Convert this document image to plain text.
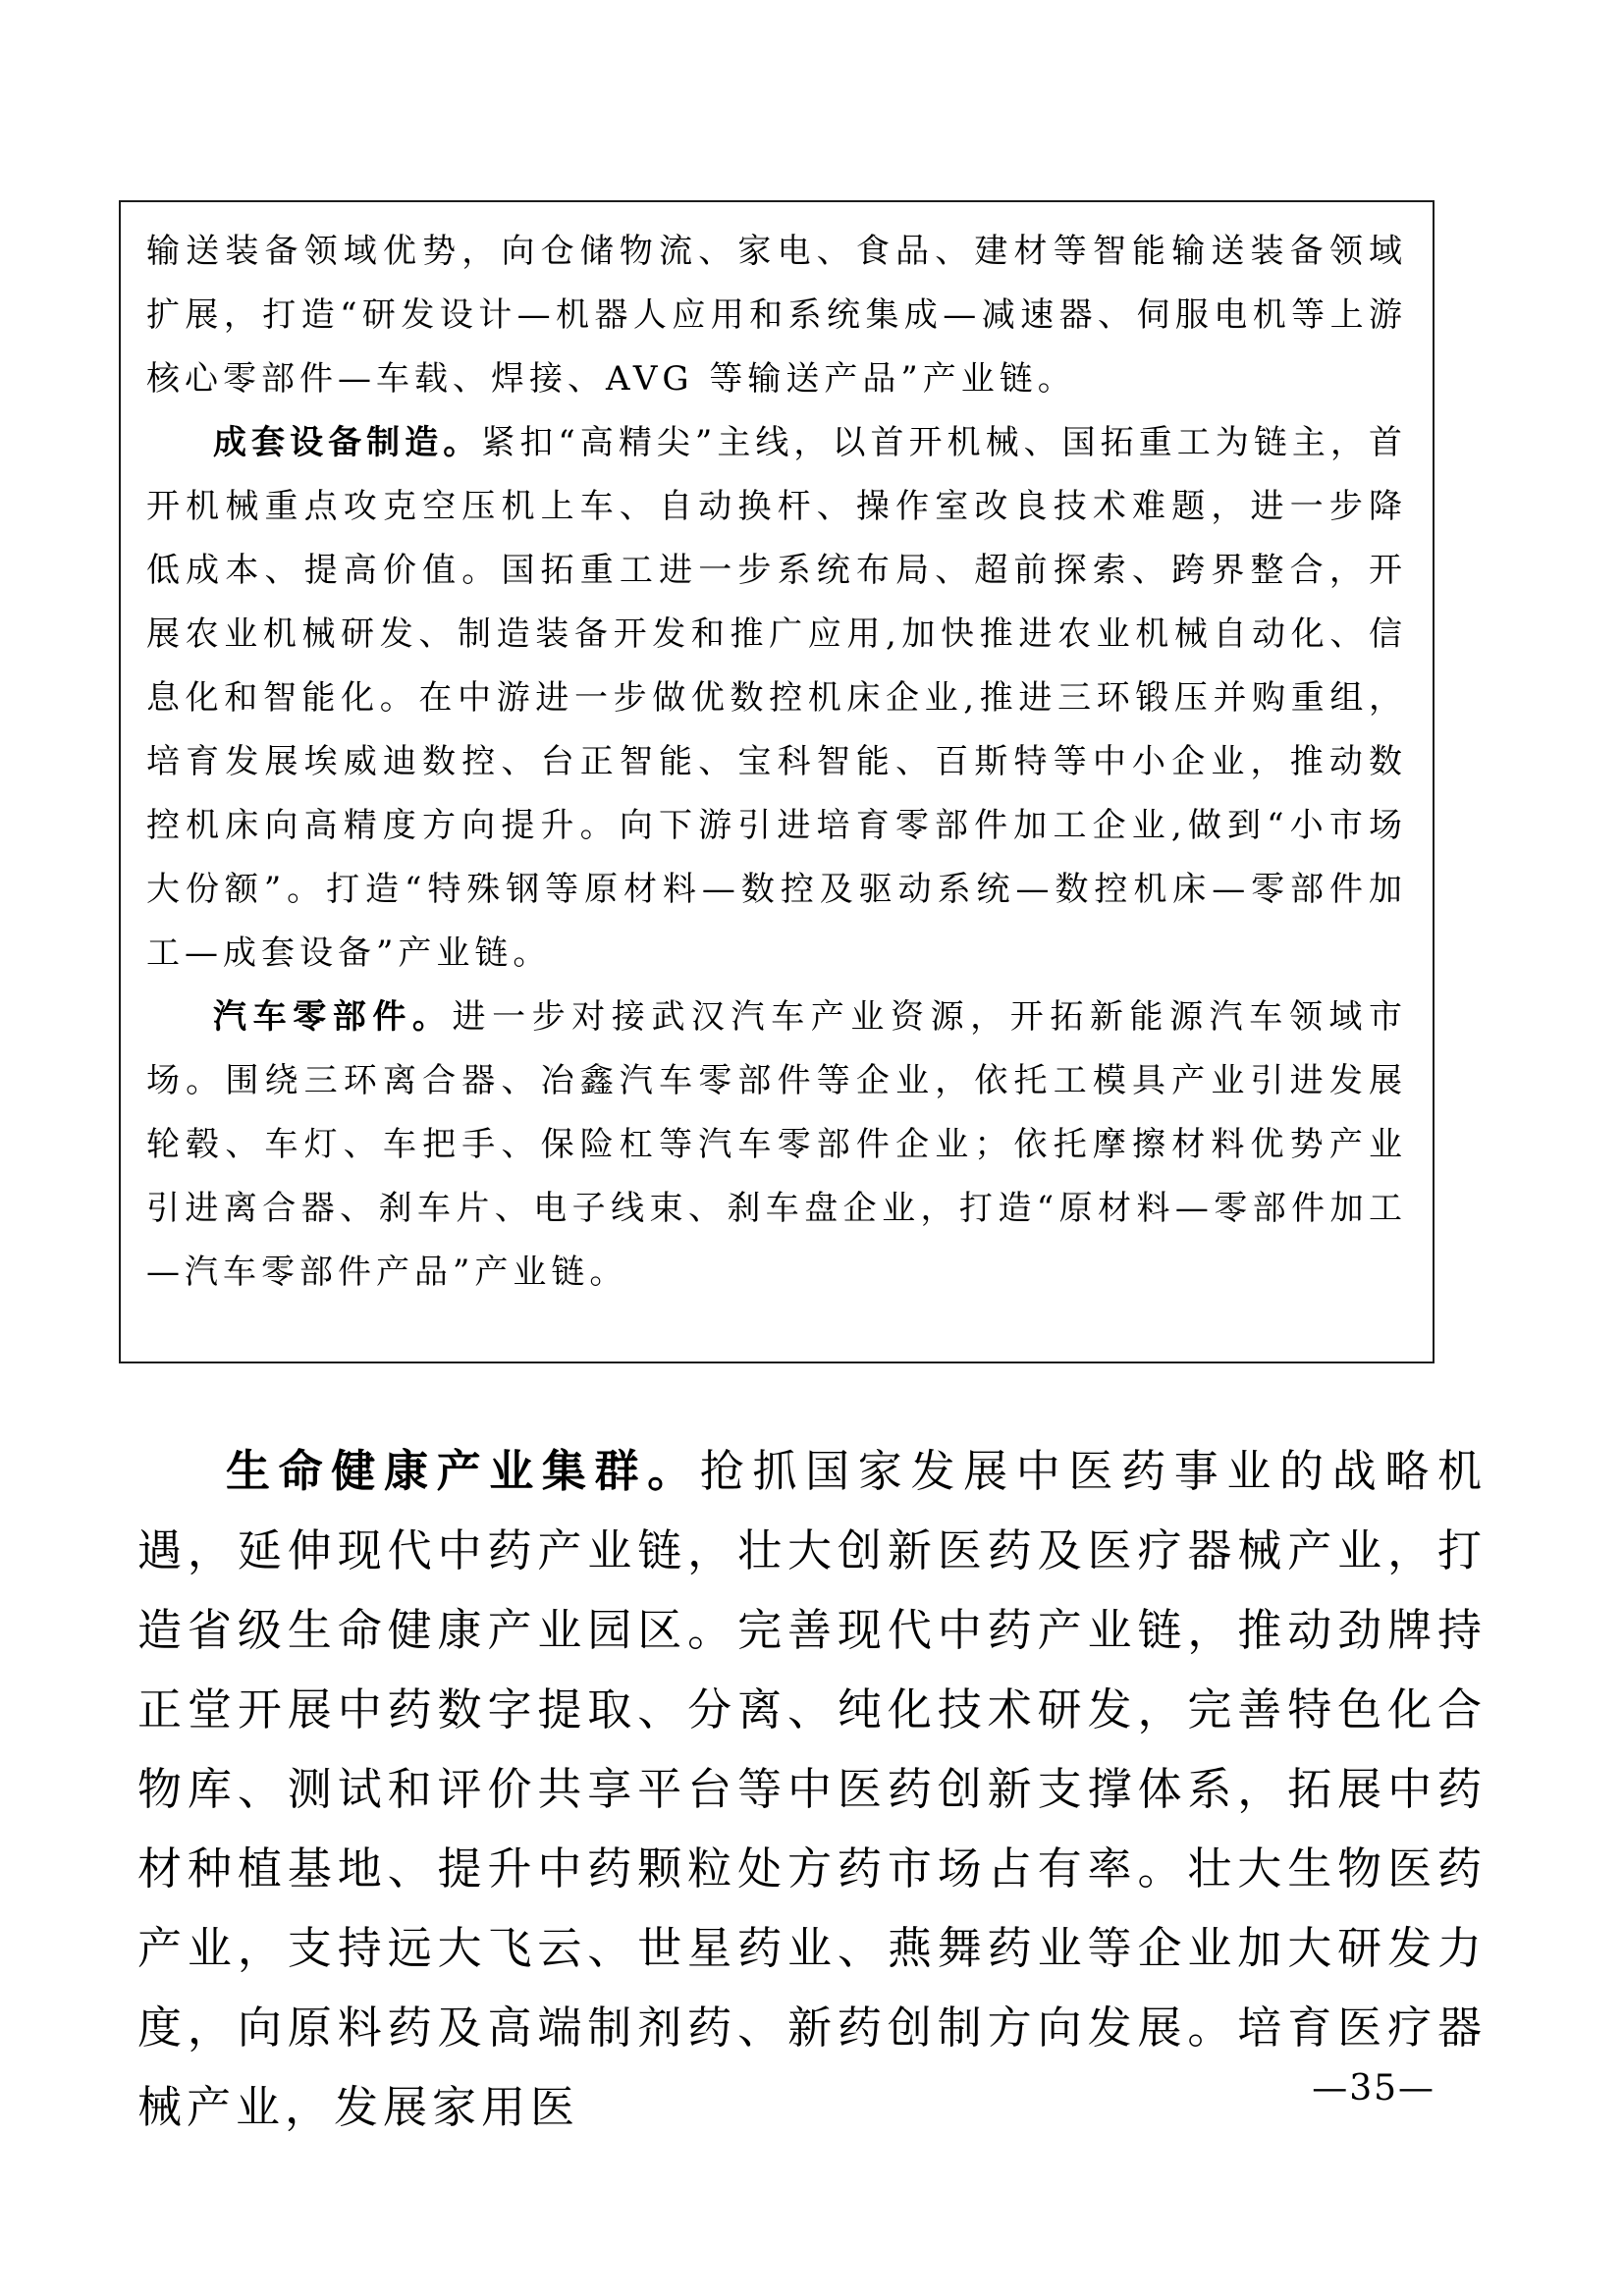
输送装备领域优势，向仓储物流、家电、食品、建材等智能输送装备领域扩展，打造“研发设计—机器人应用和系统集成—减速器、伺服电机等上游核心零部件—车载、焊接、AVG 等输送产品”产业链。

成套设备制造。紧扣“高精尖”主线，以首开机械、国拓重工为链主，首开机械重点攻克空压机上车、自动换杆、操作室改良技术难题，进一步降低成本、提高价值。国拓重工进一步系统布局、超前探索、跨界整合，开展农业机械研发、制造装备开发和推广应用,加快推进农业机械自动化、信息化和智能化。在中游进一步做优数控机床企业,推进三环锻压并购重组，培育发展埃威迪数控、台正智能、宝科智能、百斯特等中小企业，推动数控机床向高精度方向提升。向下游引进培育零部件加工企业,做到“小市场大份额”。打造“特殊钢等原材料—数控及驱动系统—数控机床—零部件加工—成套设备”产业链。

汽车零部件。进一步对接武汉汽车产业资源，开拓新能源汽车领域市场。围绕三环离合器、冶鑫汽车零部件等企业，依托工模具产业引进发展轮毂、车灯、车把手、保险杠等汽车零部件企业；依托摩擦材料优势产业引进离合器、刹车片、电子线束、刹车盘企业，打造“原材料—零部件加工—汽车零部件产品”产业链。

生命健康产业集群。抢抓国家发展中医药事业的战略机遇，延伸现代中药产业链，壮大创新医药及医疗器械产业，打造省级生命健康产业园区。完善现代中药产业链，推动劲牌持正堂开展中药数字提取、分离、纯化技术研发，完善特色化合物库、测试和评价共享平台等中医药创新支撑体系，拓展中药材种植基地、提升中药颗粒处方药市场占有率。壮大生物医药产业，支持远大飞云、世星药业、燕舞药业等企业加大研发力度，向原料药及高端制剂药、新药创制方向发展。培育医疗器械产业，发展家用医	—35—
